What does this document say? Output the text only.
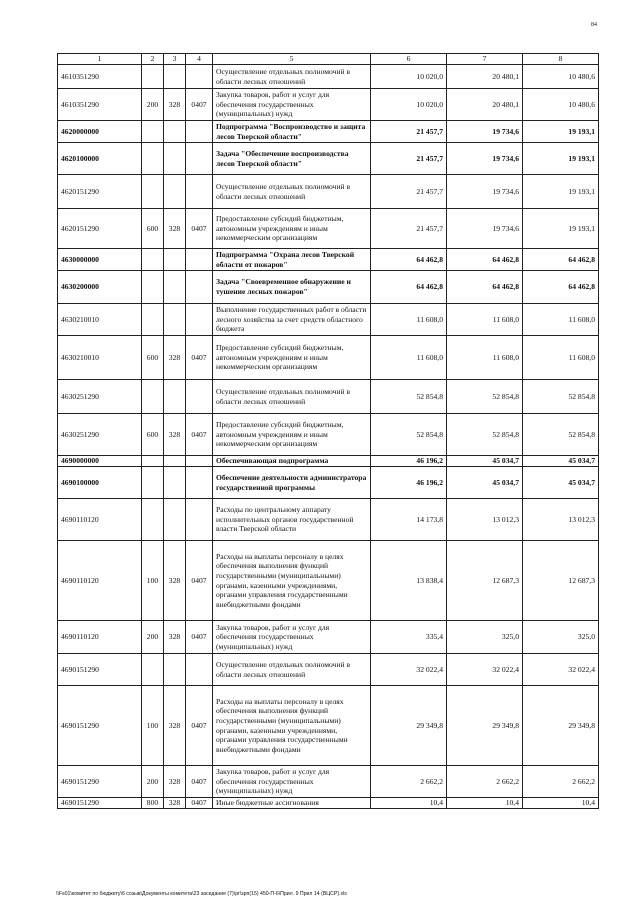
84
1	2	3	4	5	6	7	8
4610351290				Осуществление отдельных полномочий в области лесных отношений	10 020,0	20 480,1	10 480,6
4610351290	200	328	0407	Закупка товаров, работ и услуг для обеспечения государственных (муниципальных) нужд	10 020,0	20 480,1	10 480,6
4620000000				Подпрограмма "Воспроизводство и защита лесов Тверской области"	21 457,7	19 734,6	19 193,1
4620100000				Задача "Обеспечение воспроизводства лесов Тверской области"	21 457,7	19 734,6	19 193,1
4620151290				Осуществление отдельных полномочий в области лесных отношений	21 457,7	19 734,6	19 193,1
4620151290	600	328	0407	Предоставление субсидий бюджетным, автономным учреждениям и иным некоммерческим организациям	21 457,7	19 734,6	19 193,1
4630000000				Подпрограмма "Охрана лесов Тверской области от пожаров"	64 462,8	64 462,8	64 462,8
4630200000				Задача "Своевременное обнаружение и тушение лесных пожаров"	64 462,8	64 462,8	64 462,8
4630210010				Выполнение государственных работ в области лесного хозяйства за счет средств областного бюджета	11 608,0	11 608,0	11 608,0
4630210010	600	328	0407	Предоставление субсидий бюджетным, автономным учреждениям и иным некоммерческим организациям	11 608,0	11 608,0	11 608,0
4630251290				Осуществление отдельных полномочий в области лесных отношений	52 854,8	52 854,8	52 854,8
4630251290	600	328	0407	Предоставление субсидий бюджетным, автономным учреждениям и иным некоммерческим организациям	52 854,8	52 854,8	52 854,8
4690000000				Обеспечивающая подпрограмма	46 196,2	45 034,7	45 034,7
4690100000				Обеспечение деятельности администратора государственной программы	46 196,2	45 034,7	45 034,7
4690110120				Расходы по центральному аппарату исполнительных органов государственной власти Тверской области	14 173,8	13 012,3	13 012,3
4690110120	100	328	0407	Расходы на выплаты персоналу в целях обеспечения выполнения функций государственными (муниципальными) органами, казенными учреждениями, органами управления государственными внебюджетными фондами	13 838,4	12 687,3	12 687,3
4690110120	200	328	0407	Закупка товаров, работ и услуг для обеспечения государственных (муниципальных) нужд	335,4	325,0	325,0
4690151290				Осуществление отдельных полномочий в области лесных отношений	32 022,4	32 022,4	32 022,4
4690151290	100	328	0407	Расходы на выплаты персоналу в целях обеспечения выполнения функций государственными (муниципальными) органами, казенными учреждениями, органами управления государственными внебюджетными фондами	29 349,8	29 349,8	29 349,8
4690151290	200	328	0407	Закупка товаров, работ и услуг для обеспечения государственных (муниципальных) нужд	2 662,2	2 662,2	2 662,2
4690151290	800	328	0407	Иные бюджетные ассигнования	10,4	10,4	10,4
\\Fs01\комитет по бюджету\6 созыв\Документы комитета\23 заседание (7)\pr\зрп(15) 450-П-6\Прил. 9 Прил 14 (ВЦСР).xls
